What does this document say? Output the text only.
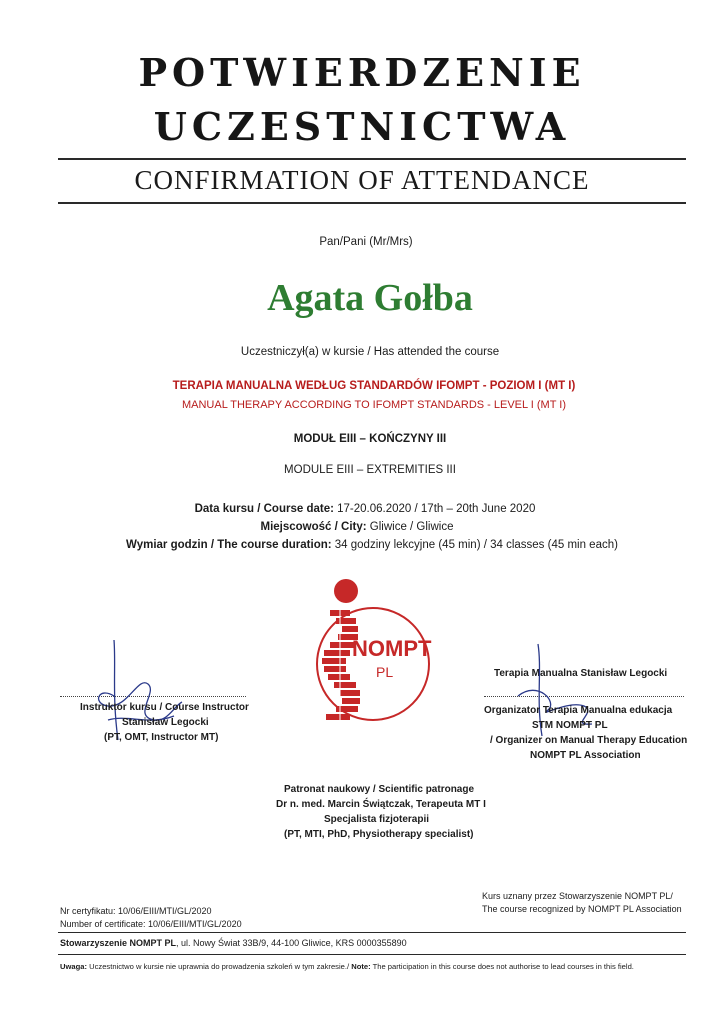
POTWIERDZENIE
UCZESTNICTWA
CONFIRMATION OF ATTENDANCE
Pan/Pani (Mr/Mrs)
Agata Gołba
Uczestniczył(a) w kursie / Has attended the course
TERAPIA MANUALNA WEDŁUG STANDARDÓW IFOMPT - POZIOM I (MT I)
MANUAL THERAPY ACCORDING TO IFOMPT STANDARDS - LEVEL I (MT I)
MODUŁ EIII – KOŃCZYNY III
MODULE EIII – EXTREMITIES III
Data kursu / Course date: 17-20.06.2020 / 17th – 20th June 2020
Miejscowość / City: Gliwice / Gliwice
Wymiar godzin / The course duration: 34 godziny lekcyjne (45 min) / 34 classes (45 min each)
NOMPT
PL
Instruktor kursu / Course Instructor
Stanisław Legocki
(PT, OMT, Instructor MT)
Terapia Manualna Stanisław Legocki
Organizator Terapia Manualna edukacja
STM NOMPT PL
/ Organizer on Manual Therapy Education
NOMPT PL Association
Patronat naukowy / Scientific patronage
Dr n. med. Marcin Świątczak, Terapeuta MT I
Specjalista fizjoterapii
(PT, MTI, PhD, Physiotherapy specialist)
Kurs uznany przez Stowarzyszenie NOMPT PL/
The course recognized by NOMPT PL Association
Nr certyfikatu: 10/06/EIII/MTI/GL/2020
Number of certificate: 10/06/EIII/MTI/GL/2020
Stowarzyszenie NOMPT PL, ul. Nowy Świat 33B/9, 44-100 Gliwice, KRS 0000355890
Uwaga: Uczestnictwo w kursie nie uprawnia do prowadzenia szkoleń w tym zakresie./ Note: The participation in this course does not authorise to lead courses in this field.
